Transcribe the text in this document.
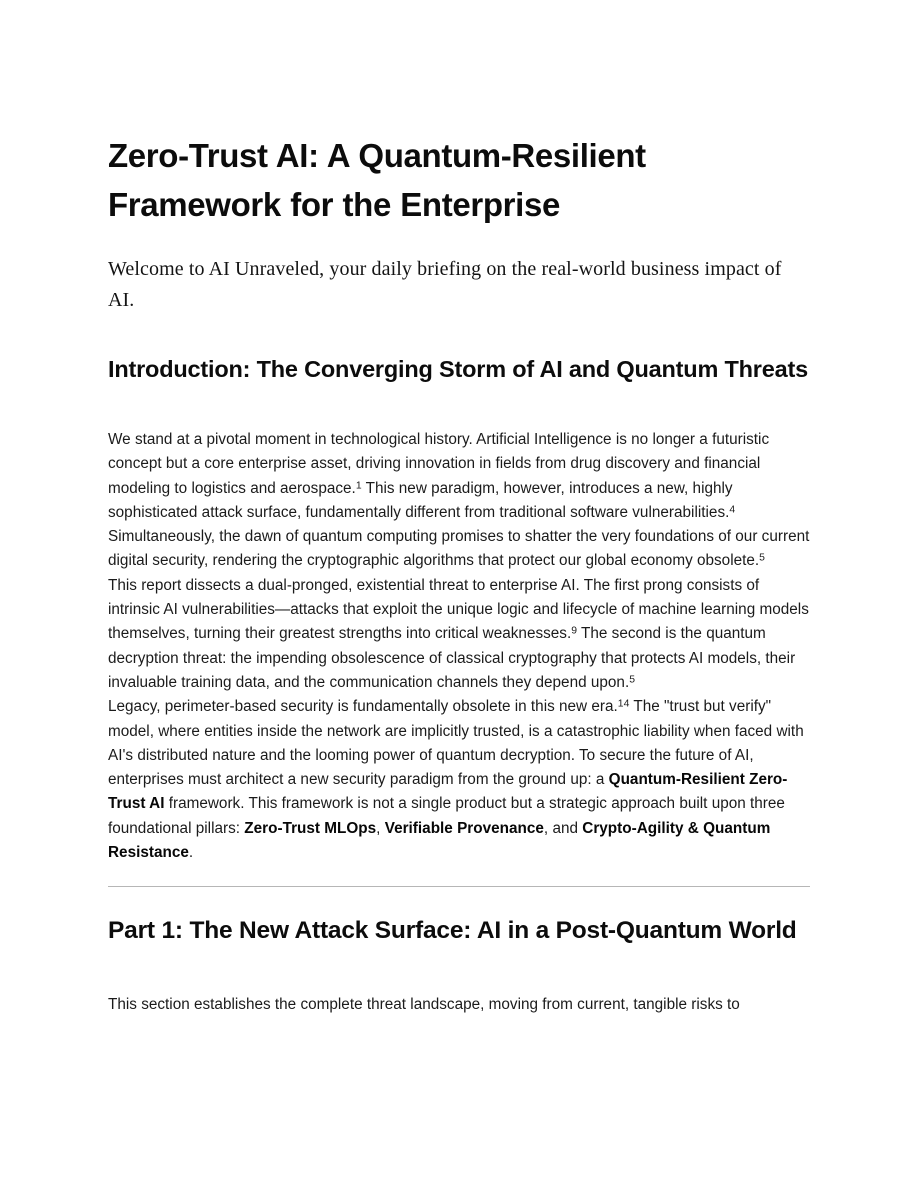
Zero-Trust AI: A Quantum-Resilient Framework for the Enterprise

Welcome to AI Unraveled, your daily briefing on the real-world business impact of AI.

Introduction: The Converging Storm of AI and Quantum Threats

We stand at a pivotal moment in technological history. Artificial Intelligence is no longer a futuristic concept but a core enterprise asset, driving innovation in fields from drug discovery and financial modeling to logistics and aerospace.$^1$ This new paradigm, however, introduces a new, highly sophisticated attack surface, fundamentally different from traditional software vulnerabilities.$^4$ Simultaneously, the dawn of quantum computing promises to shatter the very foundations of our current digital security, rendering the cryptographic algorithms that protect our global economy obsolete.$^5$

This report dissects a dual-pronged, existential threat to enterprise AI. The first prong consists of intrinsic AI vulnerabilities—attacks that exploit the unique logic and lifecycle of machine learning models themselves, turning their greatest strengths into critical weaknesses.$^9$ The second is the quantum decryption threat: the impending obsolescence of classical cryptography that protects AI models, their invaluable training data, and the communication channels they depend upon.$^5$

Legacy, perimeter-based security is fundamentally obsolete in this new era.$^{14}$ The "trust but verify" model, where entities inside the network are implicitly trusted, is a catastrophic liability when faced with AI's distributed nature and the looming power of quantum decryption. To secure the future of AI, enterprises must architect a new security paradigm from the ground up: a Quantum-Resilient Zero-Trust AI framework. This framework is not a single product but a strategic approach built upon three foundational pillars: Zero-Trust MLOps, Verifiable Provenance, and Crypto-Agility & Quantum Resistance.

Part 1: The New Attack Surface: AI in a Post-Quantum World

This section establishes the complete threat landscape, moving from current, tangible risks to
